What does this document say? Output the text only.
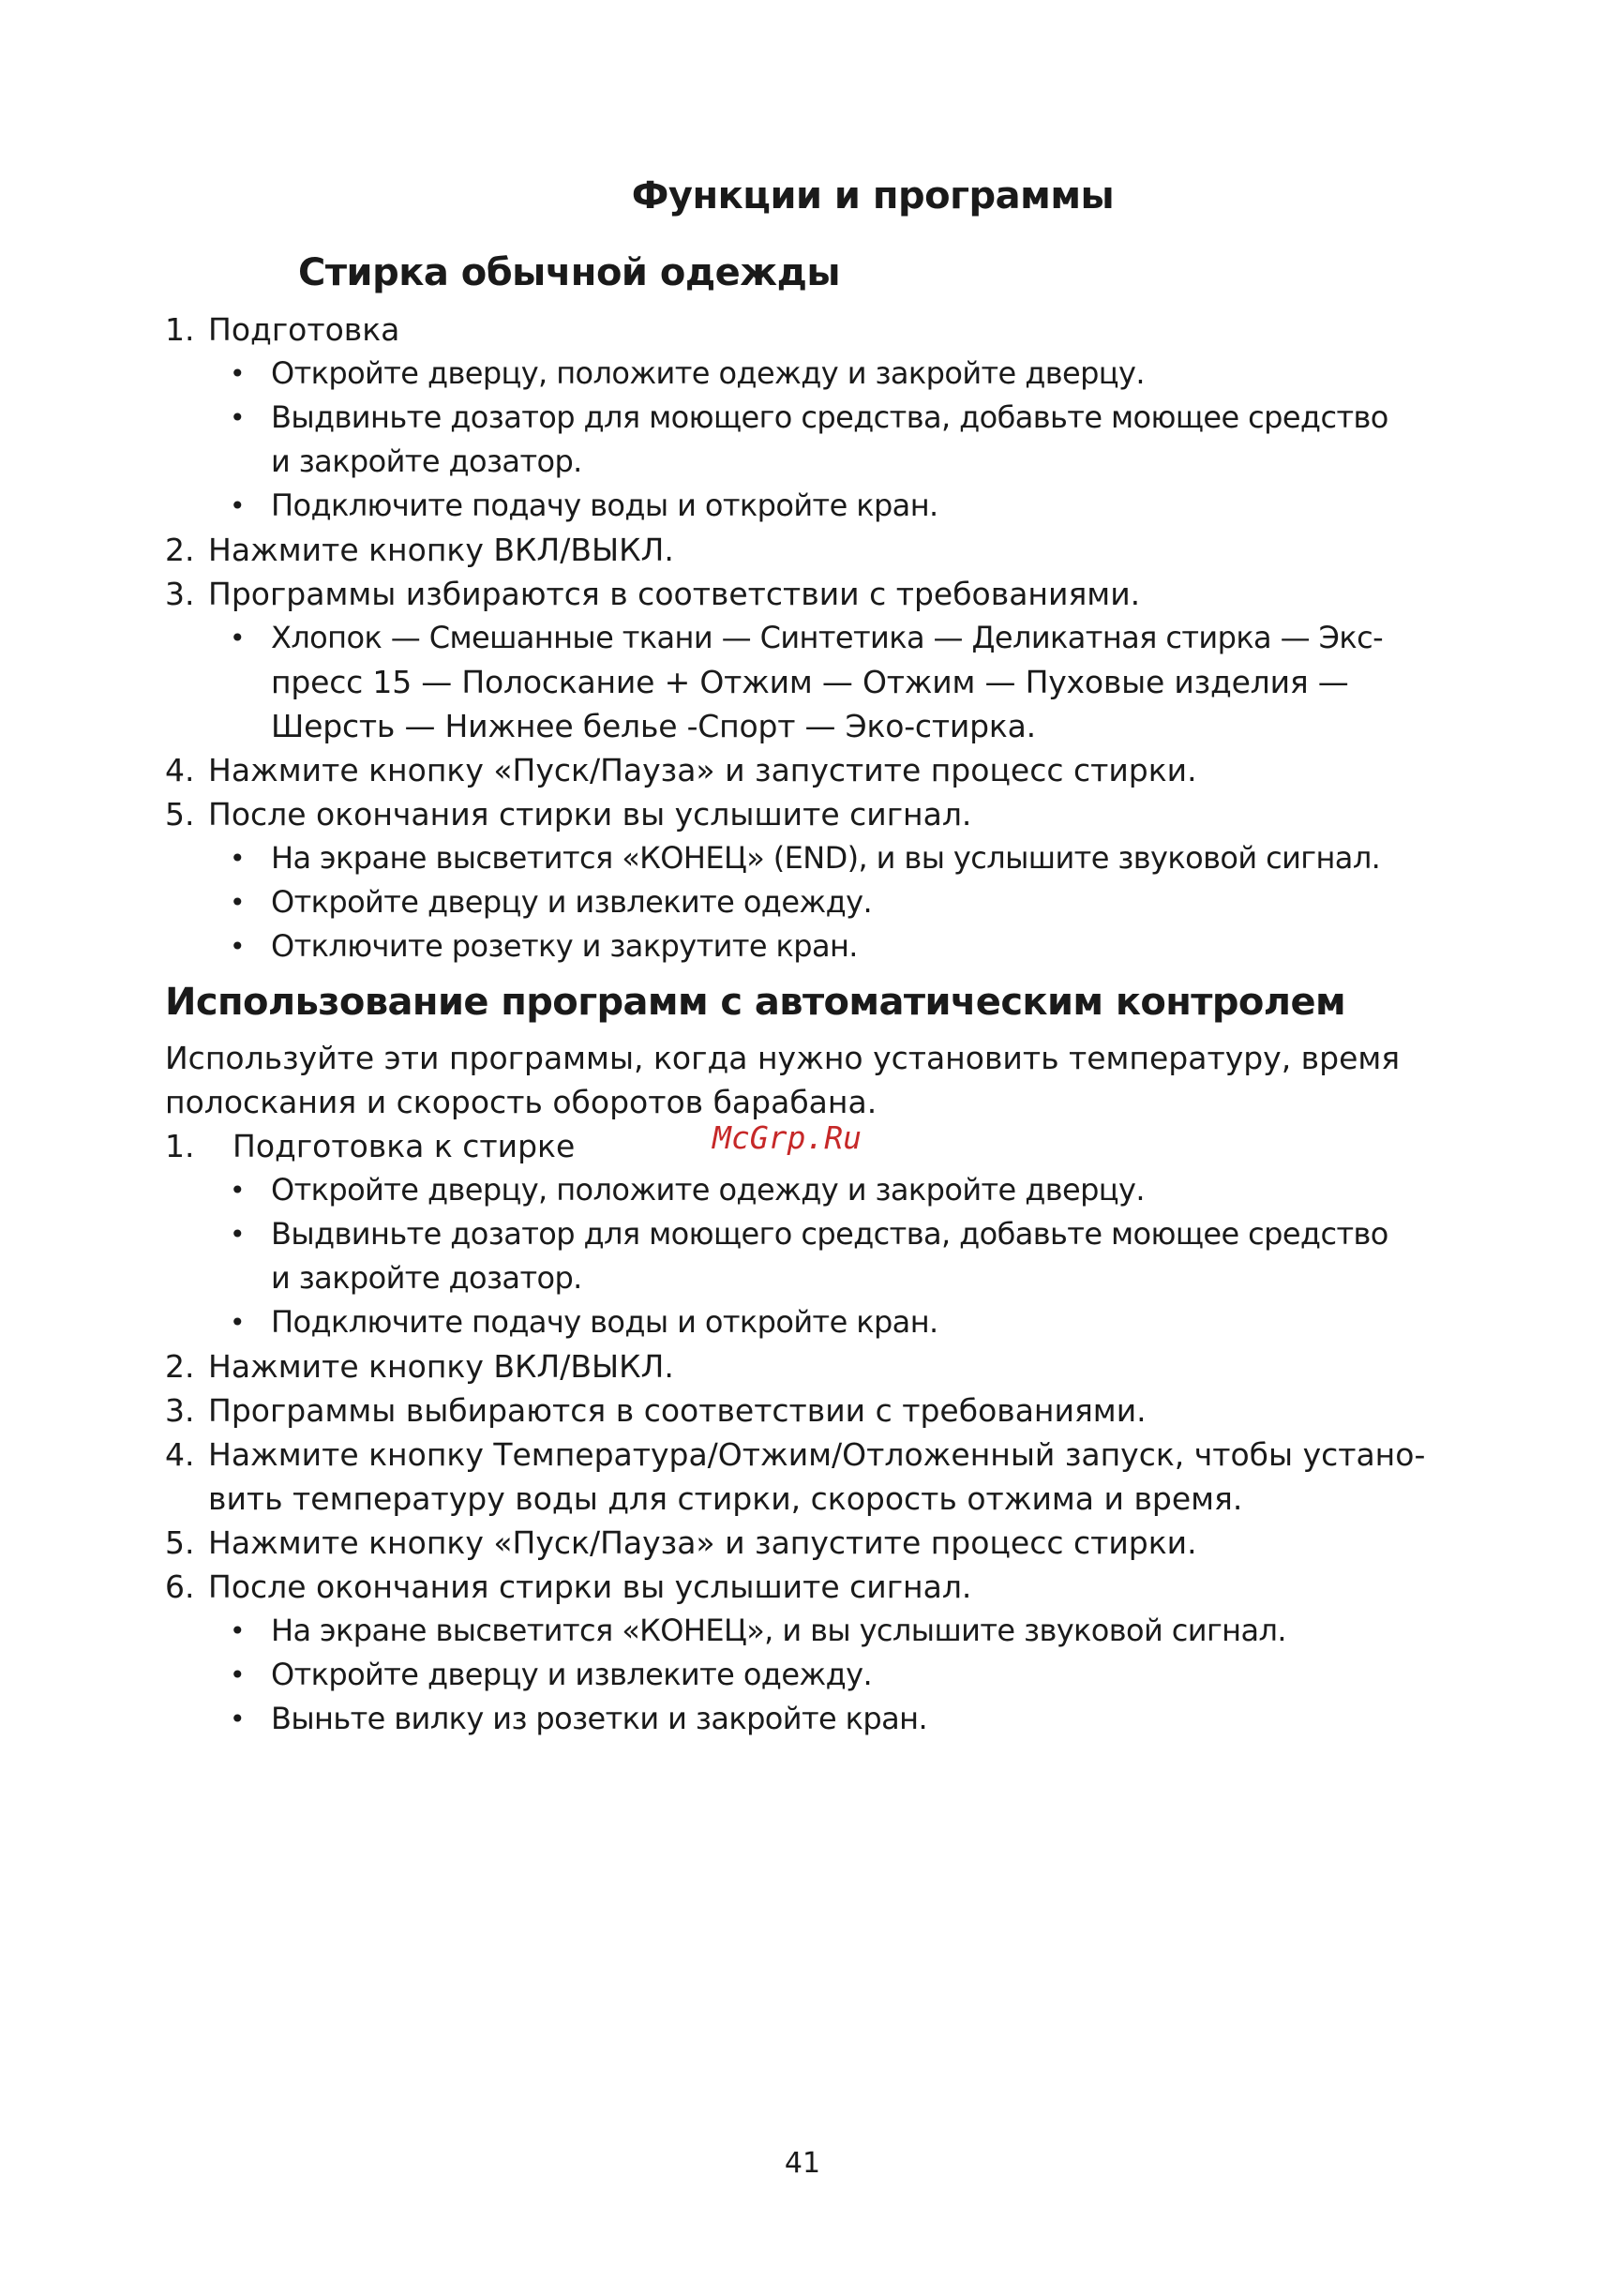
Функции и программы
Стирка обычной одежды
1. Подготовка
• Откройте дверцу, положите одежду и закройте дверцу.
• Выдвиньте дозатор для моющего средства, добавьте моющее средство
и закройте дозатор.
• Подключите подачу воды и откройте кран.
2. Нажмите кнопку ВКЛ/ВЫКЛ.
3. Программы избираются в соответствии с требованиями.
• Хлопок — Смешанные ткани — Синтетика — Деликатная стирка — Экс-
пресс 15 — Полоскание + Отжим — Отжим — Пуховые изделия —
Шерсть — Нижнее белье -Спорт — Эко-стирка.
4. Нажмите кнопку «Пуск/Пауза» и запустите процесс стирки.
5. После окончания стирки вы услышите сигнал.
• На экране высветится «КОНЕЦ» (END), и вы услышите звуковой сигнал.
• Откройте дверцу и извлеките одежду.
• Отключите розетку и закрутите кран.
Использование программ с автоматическим контролем
Используйте эти программы, когда нужно установить температуру, время
полоскания и скорость оборотов барабана.
1. Подготовка к стирке
• Откройте дверцу, положите одежду и закройте дверцу.
• Выдвиньте дозатор для моющего средства, добавьте моющее средство
и закройте дозатор.
• Подключите подачу воды и откройте кран.
2. Нажмите кнопку ВКЛ/ВЫКЛ.
3. Программы выбираются в соответствии с требованиями.
4. Нажмите кнопку Температура/Отжим/Отложенный запуск, чтобы устано-
вить температуру воды для стирки, скорость отжима и время.
5. Нажмите кнопку «Пуск/Пауза» и запустите процесс стирки.
6. После окончания стирки вы услышите сигнал.
• На экране высветится «КОНЕЦ», и вы услышите звуковой сигнал.
• Откройте дверцу и извлеките одежду.
• Выньте вилку из розетки и закройте кран.
McGrp.Ru
41
